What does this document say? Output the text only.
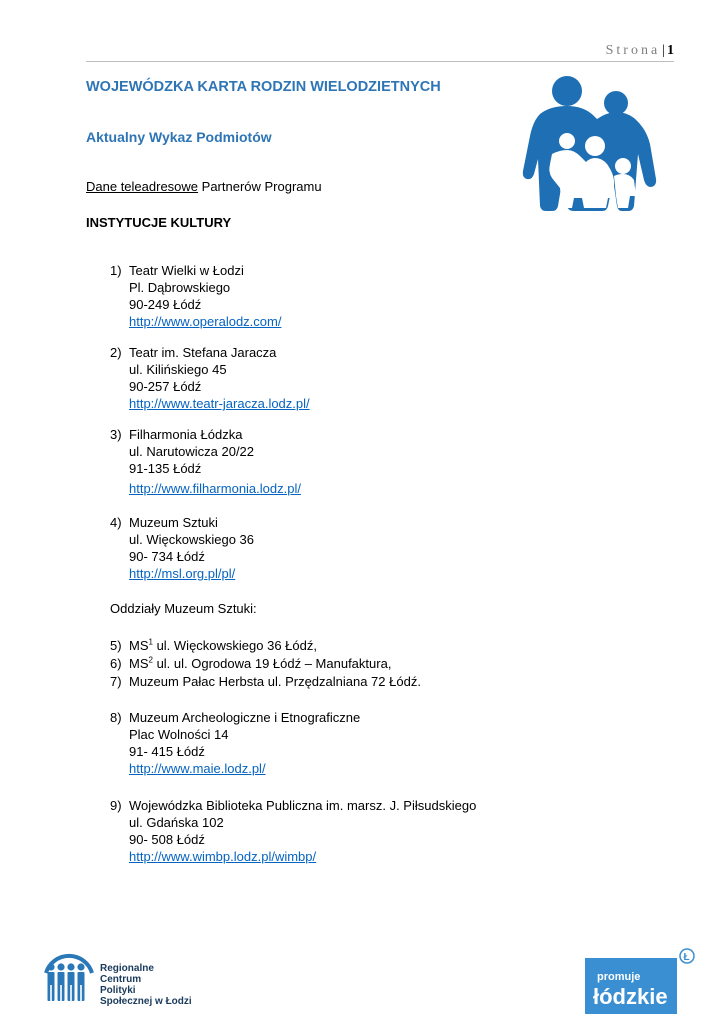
Strona | 1
WOJEWÓDZKA KARTA RODZIN WIELODZIETNYCH
Aktualny Wykaz Podmiotów
Dane teleadresowe Partnerów Programu
INSTYTUCJE KULTURY
1) Teatr Wielki w Łodzi
Pl. Dąbrowskiego
90-249 Łódź
http://www.operalodz.com/
2) Teatr im. Stefana Jaracza
ul. Kilińskiego 45
90-257 Łódź
http://www.teatr-jaracza.lodz.pl/
3) Filharmonia Łódzka
ul. Narutowicza 20/22
91-135 Łódź
http://www.filharmonia.lodz.pl/
4) Muzeum Sztuki
ul. Więckowskiego 36
90- 734 Łódź
http://msl.org.pl/pl/
Oddziały Muzeum Sztuki:
5) $MS^1$ ul. Więckowskiego 36 Łódź,
6) $MS^2$ ul. ul. Ogrodowa 19 Łódź – Manufaktura,
7) Muzeum Pałac Herbsta ul. Przędzalniana 72 Łódź.
8) Muzeum Archeologiczne i Etnograficzne
Plac Wolności 14
91- 415 Łódź
http://www.maie.lodz.pl/
9) Wojewódzka Biblioteka Publiczna im. marsz. J. Piłsudskiego
ul. Gdańska 102
90- 508 Łódź
http://www.wimbp.lodz.pl/wimbp/
Regionalne
Centrum
Polityki
Społecznej w Łodzi
promuje
łódzkie
Ł
